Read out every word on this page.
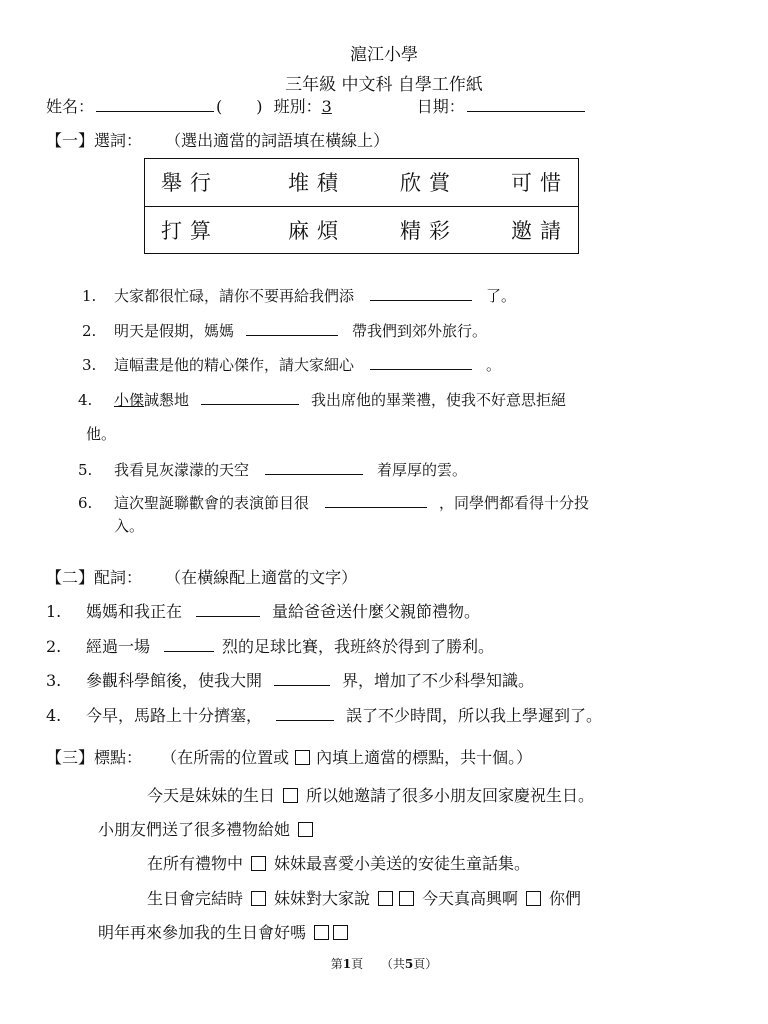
滬江小學
三年級 中文科 自學工作紙
姓名：	( ) 班別：3	日期：
【一】選詞： （選出適當的詞語填在橫線上）
舉行	堆積	欣賞	可惜
打算	麻煩	精彩	邀請
1. 大家都很忙碌，請你不要再給我們添	了。
2. 明天是假期，媽媽	帶我們到郊外旅行。
3. 這幅畫是他的精心傑作，請大家細心	。
4. 小傑誠懇地	我出席他的畢業禮，使我不好意思拒絕
他。
5. 我看見灰濛濛的天空	着厚厚的雲。
6. 這次聖誕聯歡會的表演節目很	，同學們都看得十分投
入。
【二】配詞： （在橫線配上適當的文字）
1. 媽媽和我正在	量給爸爸送什麼父親節禮物。
2. 經過一場	烈的足球比賽，我班終於得到了勝利。
3. 參觀科學館後，使我大開	界，增加了不少科學知識。
4. 今早，馬路上十分擠塞，	誤了不少時間，所以我上學遲到了。
【三】標點： （在所需的位置或 內填上適當的標點，共十個。）
今天是妹妹的生日 所以她邀請了很多小朋友回家慶祝生日。
小朋友們送了很多禮物給她
在所有禮物中 妹妹最喜愛小美送的安徒生童話集。
生日會完結時 妹妹對大家說	今天真高興啊 你們
明年再來參加我的生日會好嗎
第1頁 （共5頁）
